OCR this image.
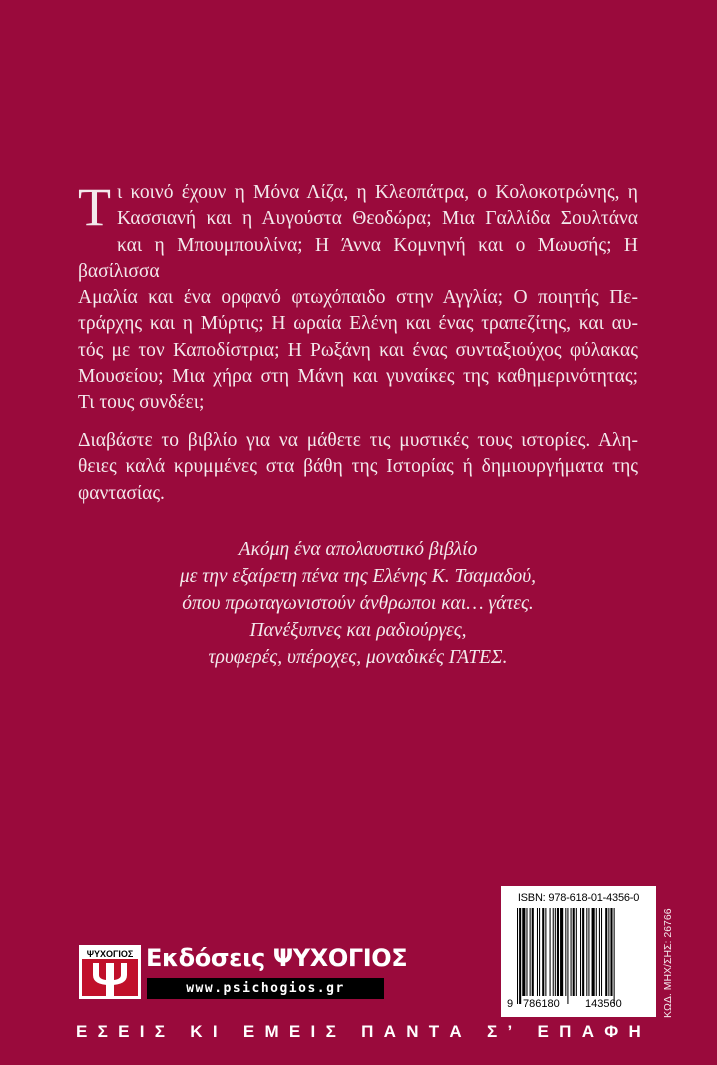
T ι κοινό έχουν η Μόνα Λίζα, η Κλεοπάτρα, ο Κολοκοτρώνης, η
Κασσιανή και η Αυγούστα Θεοδώρα; Μια Γαλλίδα Σουλτάνα
και η Μπουμπουλίνα; Η Άννα Κομνηνή και ο Μωυσής; Η βασίλισσα
Αμαλία και ένα ορφανό φτωχόπαιδο στην Αγγλία; Ο ποιητής Πε-
τράρχης και η Μύρτις; Η ωραία Ελένη και ένας τραπεζίτης, και αυ-
τός με τον Καποδίστρια; Η Ρωξάνη και ένας συνταξιούχος φύλακας
Μουσείου; Μια χήρα στη Μάνη και γυναίκες της καθημερινότητας;
Τι τους συνδέει;
Διαβάστε το βιβλίο για να μάθετε τις μυστικές τους ιστορίες. Αλη-
θειες καλά κρυμμένες στα βάθη της Ιστορίας ή δημιουργήματα της
φαντασίας.
Ακόμη ένα απολαυστικό βιβλίο
με την εξαίρετη πένα της Ελένης Κ. Τσαμαδού,
όπου πρωταγωνιστούν άνθρωποι και… γάτες.
Πανέξυπνες και ραδιούργες,
τρυφερές, υπέροχες, μοναδικές ΓΑΤΕΣ.
ISBN: 978-618-01-4356-0
9 786180 143560	ΚΩΔ. ΜΗΧ/ΣΗΣ: 26766
ΨΥΧΟΓΙΟΣ Εκδόσεις ΨΥΧΟΓΙΟΣ
www.psichogios.gr
Ε Σ Ε Ι Σ
Κ Ι
Ε Μ Ε Ι Σ
Π Α Ν Τ Α
Σ ’
Ε Π Α Φ Η
